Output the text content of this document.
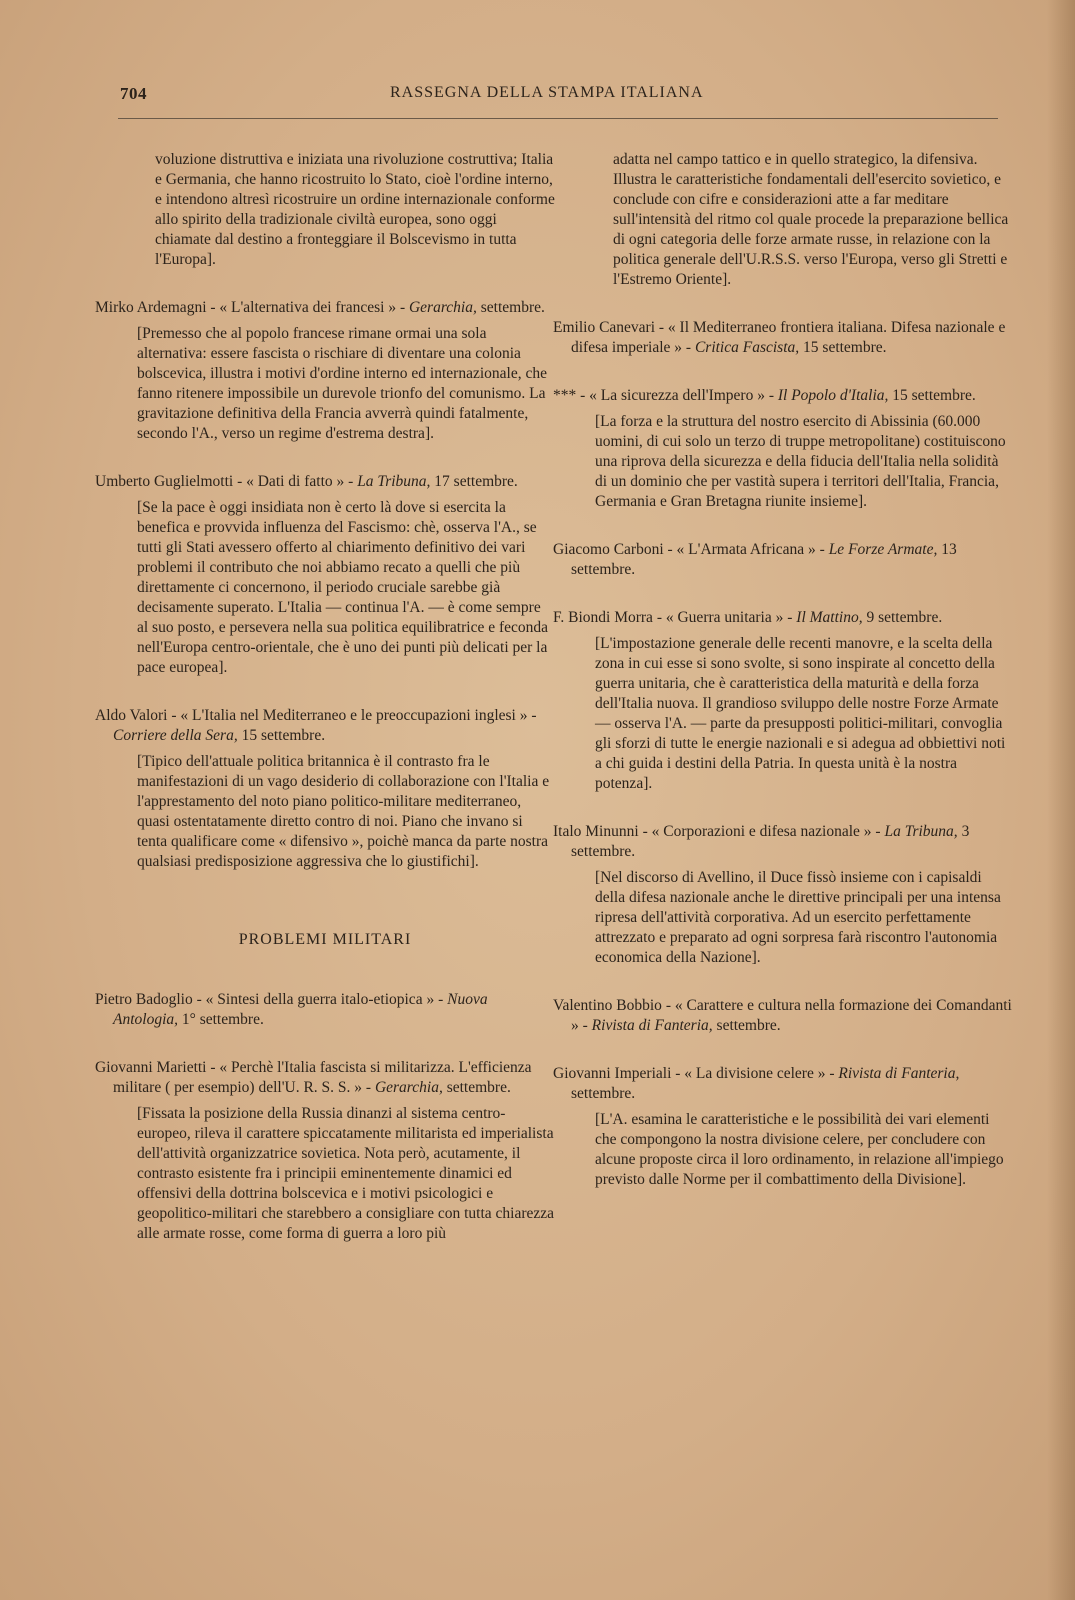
704	RASSEGNA DELLA STAMPA ITALIANA
voluzione distruttiva e iniziata una rivoluzione costruttiva; Italia e Germania, che hanno ricostruito lo Stato, cioè l'ordine interno, e intendono altresì ricostruire un ordine internazionale conforme allo spirito della tradizionale civiltà europea, sono oggi chiamate dal destino a fronteggiare il Bolscevismo in tutta l'Europa].
Mirko Ardemagni - « L'alternativa dei francesi » - Gerarchia, settembre.
[Premesso che al popolo francese rimane ormai una sola alternativa: essere fascista o rischiare di diventare una colonia bolscevica, illustra i motivi d'ordine interno ed internazionale, che fanno ritenere impossibile un durevole trionfo del comunismo. La gravitazione definitiva della Francia avverrà quindi fatalmente, secondo l'A., verso un regime d'estrema destra].
Umberto Guglielmotti - « Dati di fatto » - La Tribuna, 17 settembre.
[Se la pace è oggi insidiata non è certo là dove si esercita la benefica e provvida influenza del Fascismo: chè, osserva l'A., se tutti gli Stati avessero offerto al chiarimento definitivo dei vari problemi il contributo che noi abbiamo recato a quelli che più direttamente ci concernono, il periodo cruciale sarebbe già decisamente superato. L'Italia — continua l'A. — è come sempre al suo posto, e persevera nella sua politica equilibratrice e feconda nell'Europa centro-orientale, che è uno dei punti più delicati per la pace europea].
Aldo Valori - « L'Italia nel Mediterraneo e le preoccupazioni inglesi » - Corriere della Sera, 15 settembre.
[Tipico dell'attuale politica britannica è il contrasto fra le manifestazioni di un vago desiderio di collaborazione con l'Italia e l'apprestamento del noto piano politico-militare mediterraneo, quasi ostentatamente diretto contro di noi. Piano che invano si tenta qualificare come « difensivo », poichè manca da parte nostra qualsiasi predisposizione aggressiva che lo giustifichi].
PROBLEMI MILITARI
Pietro Badoglio - « Sintesi della guerra italo-etiopica » - Nuova Antologia, 1° settembre.
Giovanni Marietti - « Perchè l'Italia fascista si militarizza. L'efficienza militare ( per esempio) dell'U. R. S. S. » - Gerarchia, settembre.
[Fissata la posizione della Russia dinanzi al sistema centro-europeo, rileva il carattere spiccatamente militarista ed imperialista dell'attività organizzatrice sovietica. Nota però, acutamente, il contrasto esistente fra i principii eminentemente dinamici ed offensivi della dottrina bolscevica e i motivi psicologici e geopolitico-militari che starebbero a consigliare con tutta chiarezza alle armate rosse, come forma di guerra a loro più
adatta nel campo tattico e in quello strategico, la difensiva. Illustra le caratteristiche fondamentali dell'esercito sovietico, e conclude con cifre e considerazioni atte a far meditare sull'intensità del ritmo col quale procede la preparazione bellica di ogni categoria delle forze armate russe, in relazione con la politica generale dell'U.R.S.S. verso l'Europa, verso gli Stretti e l'Estremo Oriente].
Emilio Canevari - « Il Mediterraneo frontiera italiana. Difesa nazionale e difesa imperiale » - Critica Fascista, 15 settembre.
*** - « La sicurezza dell'Impero » - Il Popolo d'Italia, 15 settembre.
[La forza e la struttura del nostro esercito di Abissinia (60.000 uomini, di cui solo un terzo di truppe metropolitane) costituiscono una riprova della sicurezza e della fiducia dell'Italia nella solidità di un dominio che per vastità supera i territori dell'Italia, Francia, Germania e Gran Bretagna riunite insieme].
Giacomo Carboni - « L'Armata Africana » - Le Forze Armate, 13 settembre.
F. Biondi Morra - « Guerra unitaria » - Il Mattino, 9 settembre.
[L'impostazione generale delle recenti manovre, e la scelta della zona in cui esse si sono svolte, si sono inspirate al concetto della guerra unitaria, che è caratteristica della maturità e della forza dell'Italia nuova. Il grandioso sviluppo delle nostre Forze Armate — osserva l'A. — parte da presupposti politici-militari, convoglia gli sforzi di tutte le energie nazionali e si adegua ad obbiettivi noti a chi guida i destini della Patria. In questa unità è la nostra potenza].
Italo Minunni - « Corporazioni e difesa nazionale » - La Tribuna, 3 settembre.
[Nel discorso di Avellino, il Duce fissò insieme con i capisaldi della difesa nazionale anche le direttive principali per una intensa ripresa dell'attività corporativa. Ad un esercito perfettamente attrezzato e preparato ad ogni sorpresa farà riscontro l'autonomia economica della Nazione].
Valentino Bobbio - « Carattere e cultura nella formazione dei Comandanti » - Rivista di Fanteria, settembre.
Giovanni Imperiali - « La divisione celere » - Rivista di Fanteria, settembre.
[L'A. esamina le caratteristiche e le possibilità dei vari elementi che compongono la nostra divisione celere, per concludere con alcune proposte circa il loro ordinamento, in relazione all'impiego previsto dalle Norme per il combattimento della Divisione].
